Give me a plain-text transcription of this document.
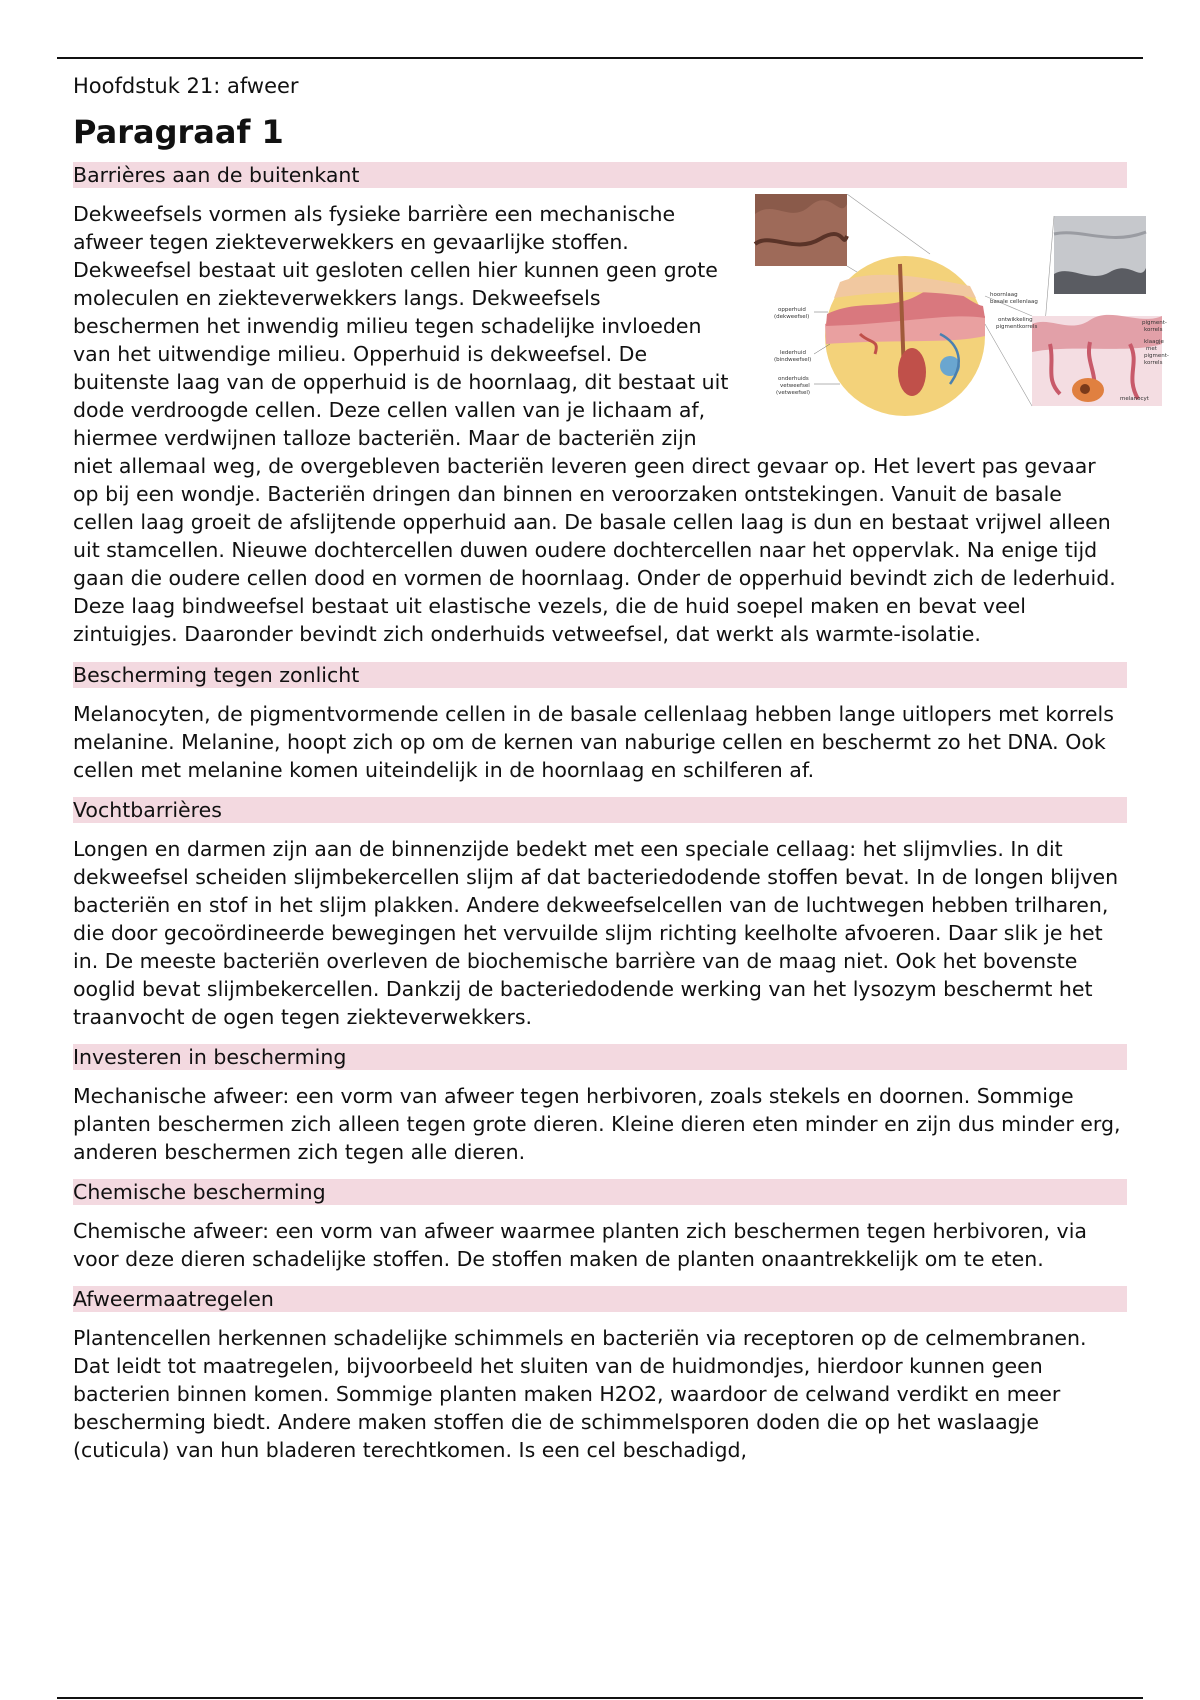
Hoofdstuk 21: afweer
Paragraaf 1
Barrières aan de buitenkant
opperhuid
(dekweefsel)
lederhuid
(bindweefsel)
onderhuids
vetweefsel
(vetweefsel)
hoornlaag
basale cellenlaag
ontwikkeling
pigmentkorrels
pigment-
korrels
klaagje
met
pigment-
korrels
melanocyt

Dekweefsels vormen als fysieke barrière een mechanische afweer tegen ziekteverwekkers en gevaarlijke stoffen. Dekweefsel bestaat uit gesloten cellen hier kunnen geen grote moleculen en ziekteverwekkers langs. Dekweefsels beschermen het inwendig milieu tegen schadelijke invloeden van het uitwendige milieu. Opperhuid is dekweefsel. De buitenste laag van de opperhuid is de hoornlaag, dit bestaat uit dode verdroogde cellen. Deze cellen vallen van je lichaam af, hiermee verdwijnen talloze bacteriën. Maar de bacteriën zijn niet allemaal weg, de overgebleven bacteriën leveren geen direct gevaar op. Het levert pas gevaar op bij een wondje. Bacteriën dringen dan binnen en veroorzaken ontstekingen. Vanuit de basale cellen laag groeit de afslijtende opperhuid aan. De basale cellen laag is dun en bestaat vrijwel alleen uit stamcellen. Nieuwe dochtercellen duwen oudere dochtercellen naar het oppervlak. Na enige tijd gaan die oudere cellen dood en vormen de hoornlaag. Onder de opperhuid bevindt zich de lederhuid. Deze laag bindweefsel bestaat uit elastische vezels, die de huid soepel maken en bevat veel zintuigjes. Daaronder bevindt zich onderhuids vetweefsel, dat werkt als warmte-isolatie.

Bescherming tegen zonlicht

Melanocyten, de pigmentvormende cellen in de basale cellenlaag hebben lange uitlopers met korrels melanine. Melanine, hoopt zich op om de kernen van naburige cellen en beschermt zo het DNA. Ook cellen met melanine komen uiteindelijk in de hoornlaag en schilferen af.

Vochtbarrières

Longen en darmen zijn aan de binnenzijde bedekt met een speciale cellaag: het slijmvlies. In dit dekweefsel scheiden slijmbekercellen slijm af dat bacteriedodende stoffen bevat. In de longen blijven bacteriën en stof in het slijm plakken. Andere dekweefselcellen van de luchtwegen hebben trilharen, die door gecoördineerde bewegingen het vervuilde slijm richting keelholte afvoeren. Daar slik je het in. De meeste bacteriën overleven de biochemische barrière van de maag niet. Ook het bovenste ooglid bevat slijmbekercellen. Dankzij de bacteriedodende werking van het lysozym beschermt het traanvocht de ogen tegen ziekteverwekkers.

Investeren in bescherming

Mechanische afweer: een vorm van afweer tegen herbivoren, zoals stekels en doornen. Sommige planten beschermen zich alleen tegen grote dieren. Kleine dieren eten minder en zijn dus minder erg, anderen beschermen zich tegen alle dieren.

Chemische bescherming

Chemische afweer: een vorm van afweer waarmee planten zich beschermen tegen herbivoren, via voor deze dieren schadelijke stoffen. De stoffen maken de planten onaantrekkelijk om te eten.

Afweermaatregelen

Plantencellen herkennen schadelijke schimmels en bacteriën via receptoren op de celmembranen. Dat leidt tot maatregelen, bijvoorbeeld het sluiten van de huidmondjes, hierdoor kunnen geen bacterien binnen komen. Sommige planten maken H2O2, waardoor de celwand verdikt en meer bescherming biedt. Andere maken stoffen die de schimmelsporen doden die op het waslaagje (cuticula) van hun bladeren terechtkomen. Is een cel beschadigd,
